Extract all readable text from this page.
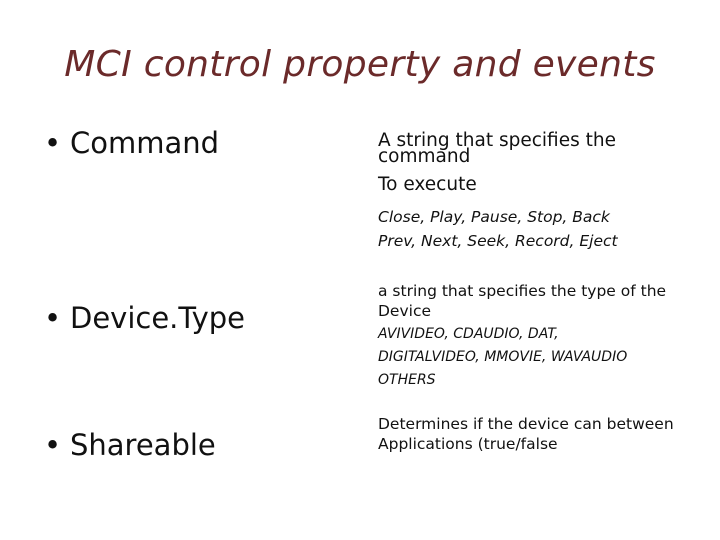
MCI control property and events
• Command	A string that specifies the
command
To execute
Close, Play, Pause, Stop, Back
Prev, Next, Seek, Record, Eject
• Device.Type
a string that specifies the type of the
Device
AVIVIDEO, CDAUDIO, DAT,
DIGITALVIDEO, MMOVIE, WAVAUDIO
OTHERS
• Shareable
Determines if the device can between
Applications (true/false
